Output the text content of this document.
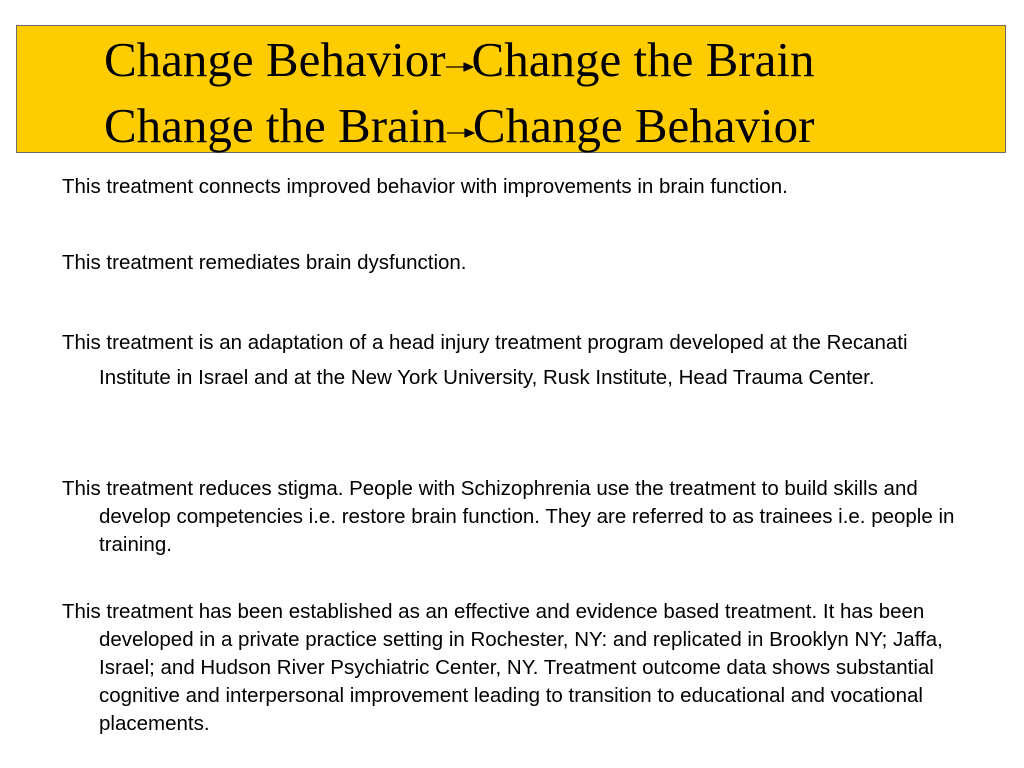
Change Behavior Change the Brain
Change the Brain Change Behavior
This treatment connects improved behavior with improvements in brain function.
This treatment remediates brain dysfunction.
This treatment is an adaptation of a head injury treatment program developed at the Recanati Institute in Israel and at the New York University, Rusk Institute, Head Trauma Center.
This treatment reduces stigma. People with Schizophrenia use the treatment to build skills and develop competencies i.e. restore brain function. They are referred to as trainees i.e. people in training.
This treatment has been established as an effective and evidence based treatment. It has been developed in a private practice setting in Rochester, NY: and replicated in Brooklyn NY; Jaffa, Israel; and Hudson River Psychiatric Center, NY. Treatment outcome data shows substantial cognitive and interpersonal improvement leading to transition to educational and vocational placements.
